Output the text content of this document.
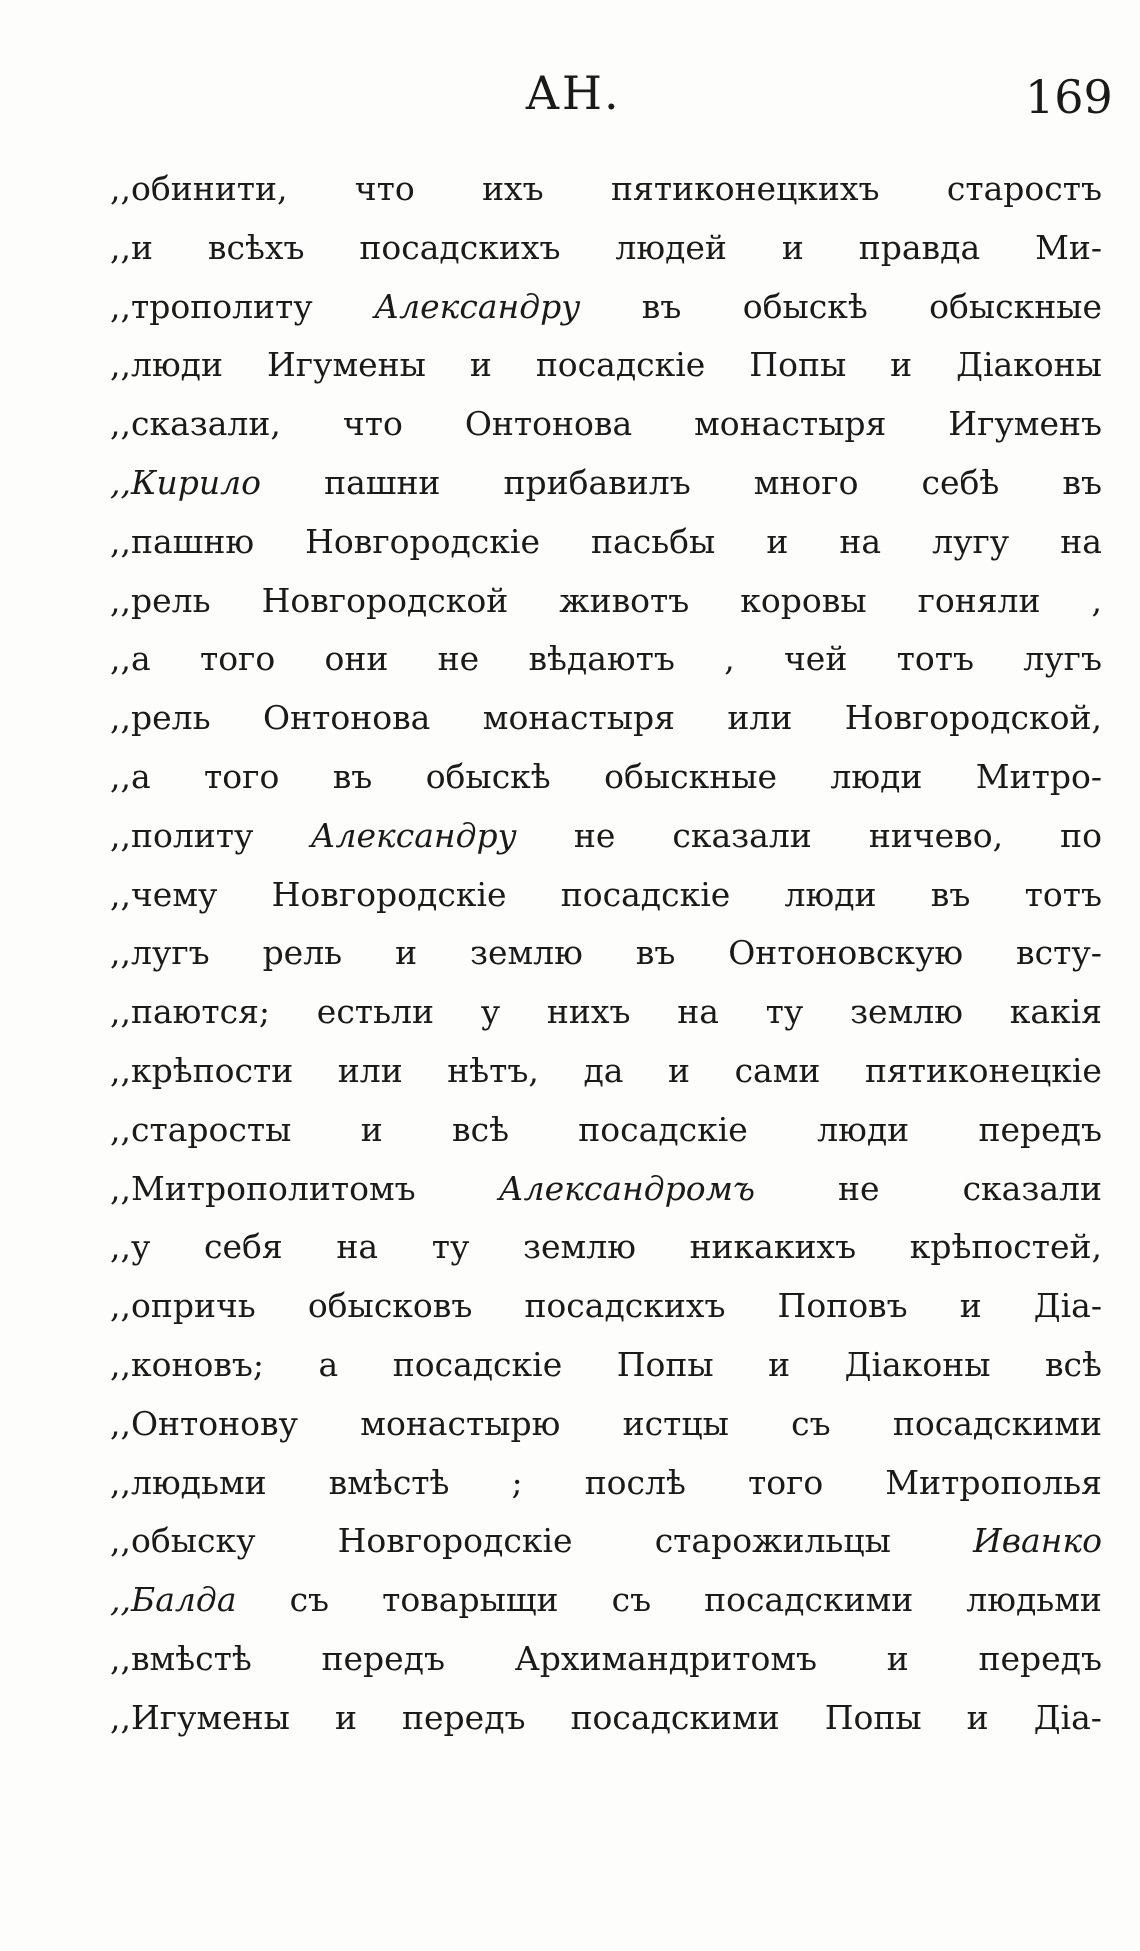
АН.	169
,,обинити, что ихъ пятиконецкихъ старостъ
,,и всѣхъ посадскихъ людей и правда Ми-
,,трополиту Александру въ обыскѣ обыскные
,,люди Игумены и посадскіе Попы и Діаконы
,,сказали, что Онтонова монастыря Игуменъ
,,Кирило пашни прибавилъ много себѣ въ
,,пашню Новгородскіе пасьбы и на лугу на
,,рель Новгородской животъ коровы гоняли ,
,,а того они не вѣдаютъ , чей тотъ лугъ
,,рель Онтонова монастыря или Новгородской,
,,а того въ обыскѣ обыскные люди Митро-
,,политу Александру не сказали ничево, по
,,чему Новгородскіе посадскіе люди въ тотъ
,,лугъ рель и землю въ Онтоновскую всту-
,,паются; естьли у нихъ на ту землю какія
,,крѣпости или нѣтъ, да и сами пятиконецкіе
,,старосты и всѣ посадскіе люди передъ
,,Митрополитомъ	Александромъ	не	сказали
,,у себя на ту землю никакихъ крѣпостей,
,,опричь обысковъ посадскихъ Поповъ и Діа-
,,коновъ; а посадскіе Попы и Діаконы всѣ
,,Онтонову монастырю истцы съ посадскими
,,людьми вмѣстѣ ; послѣ того Митрополья
,,обыску Новгородскіе старожильцы Иванко
,,Балда съ товарыщи съ посадскими людьми
,,вмѣстѣ передъ Архимандритомъ и передъ
,,Игумены и передъ посадскими Попы и Діа-
